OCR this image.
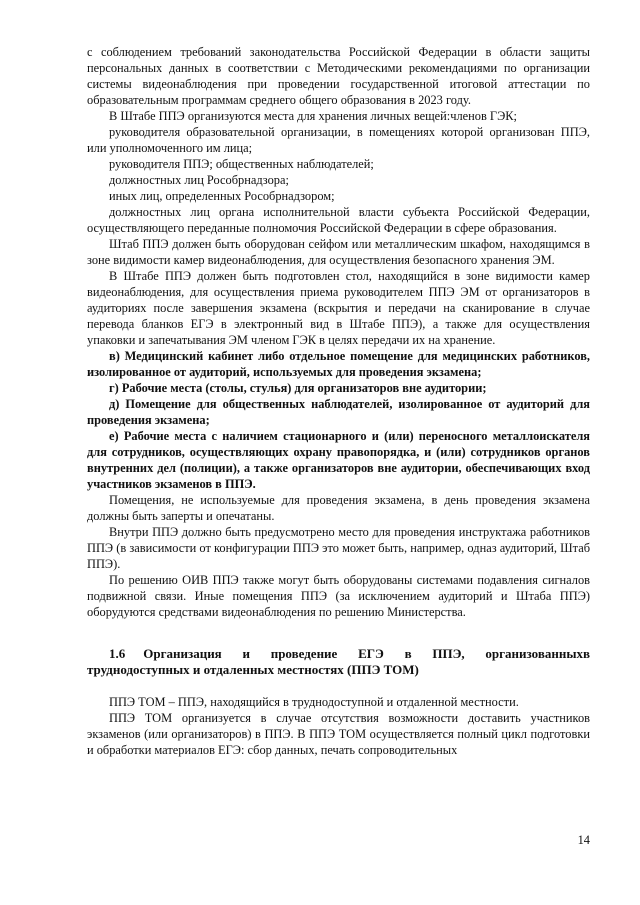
с соблюдением требований законодательства Российской Федерации в области защиты персональных данных в соответствии с Методическими рекомендациями по организации системы видеонаблюдения при проведении государственной итоговой аттестации по образовательным программам среднего общего образования в 2023 году.

В Штабе ППЭ организуются места для хранения личных вещей:членов ГЭК;

руководителя образовательной организации, в помещениях которой организован ППЭ, или уполномоченного им лица;

руководителя ППЭ; общественных наблюдателей;

должностных лиц Рособрнадзора;

иных лиц, определенных Рособрнадзором;

должностных лиц органа исполнительной власти субъекта Российской Федерации, осуществляющего переданные полномочия Российской Федерации в сфере образования.

Штаб ППЭ должен быть оборудован сейфом или металлическим шкафом, находящимся в зоне видимости камер видеонаблюдения, для осуществления безопасного хранения ЭМ.

В Штабе ППЭ должен быть подготовлен стол, находящийся в зоне видимости камер видеонаблюдения, для осуществления приема руководителем ППЭ ЭМ от организаторов в аудиториях после завершения экзамена (вскрытия и передачи на сканирование в случае перевода бланков ЕГЭ в электронный вид в Штабе ППЭ), а также для осуществления упаковки и запечатывания ЭМ членом ГЭК в целях передачи их на хранение.

в) Медицинский кабинет либо отдельное помещение для медицинских работников, изолированное от аудиторий, используемых для проведения экзамена;

г) Рабочие места (столы, стулья) для организаторов вне аудитории;

д) Помещение для общественных наблюдателей, изолированное от аудиторий для проведения экзамена;

е) Рабочие места с наличием стационарного и (или) переносного металлоискателя для сотрудников, осуществляющих охрану правопорядка, и (или) сотрудников органов внутренних дел (полиции), а также организаторов вне аудитории, обеспечивающих вход участников экзаменов в ППЭ.

Помещения, не используемые для проведения экзамена, в день проведения экзамена должны быть заперты и опечатаны.

Внутри ППЭ должно быть предусмотрено место для проведения инструктажа работников ППЭ (в зависимости от конфигурации ППЭ это может быть, например, одназ аудиторий, Штаб ППЭ).

По решению ОИВ ППЭ также могут быть оборудованы системами подавления сигналов подвижной связи. Иные помещения ППЭ (за исключением аудиторий и Штаба ППЭ) оборудуются средствами видеонаблюдения по решению Министерства.

1.6 Организация и проведение ЕГЭ в ППЭ, организованныхв труднодоступных и отдаленных местностях (ППЭ ТОМ)

ППЭ ТОМ – ППЭ, находящийся в труднодоступной и отдаленной местности.

ППЭ ТОМ организуется в случае отсутствия возможности доставить участников экзаменов (или организаторов) в ППЭ. В ППЭ ТОМ осуществляется полный цикл подготовки и обработки материалов ЕГЭ: сбор данных, печать сопроводительных

14
